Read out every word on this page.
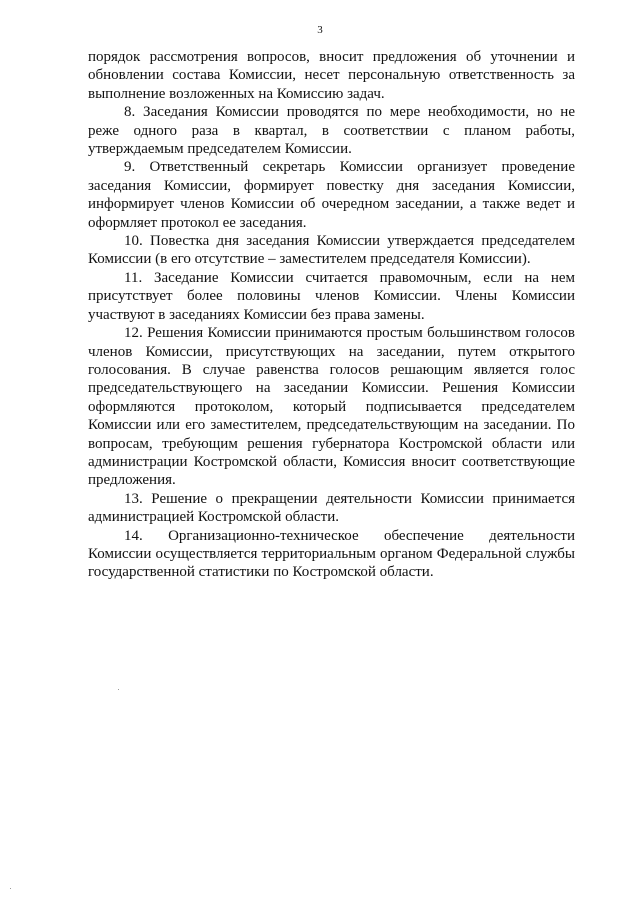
3

порядок рассмотрения вопросов, вносит предложения об уточнении и обновлении состава Комиссии, несет персональную ответственность за выполнение возложенных на Комиссию задач.

8. Заседания Комиссии проводятся по мере необходимости, но не реже одного раза в квартал, в соответствии с планом работы, утверждаемым председателем Комиссии.

9. Ответственный секретарь Комиссии организует проведение заседания Комиссии, формирует повестку дня заседания Комиссии, информирует членов Комиссии об очередном заседании, а также ведет и оформляет протокол ее заседания.

10. Повестка дня заседания Комиссии утверждается председателем Комиссии (в его отсутствие – заместителем председателя Комиссии).

11. Заседание Комиссии считается правомочным, если на нем присутствует более половины членов Комиссии. Члены Комиссии участвуют в заседаниях Комиссии без права замены.

12. Решения Комиссии принимаются простым большинством голосов членов Комиссии, присутствующих на заседании, путем открытого голосования. В случае равенства голосов решающим является голос председательствующего на заседании Комиссии. Решения Комиссии оформляются протоколом, который подписывается председателем Комиссии или его заместителем, председательствующим на заседании. По вопросам, требующим решения губернатора Костромской области или администрации Костромской области, Комиссия вносит соответствующие предложения.

13. Решение о прекращении деятельности Комиссии принимается администрацией Костромской области.

14. Организационно-техническое обеспечение деятельности Комиссии осуществляется территориальным органом Федеральной службы государственной статистики по Костромской области.
